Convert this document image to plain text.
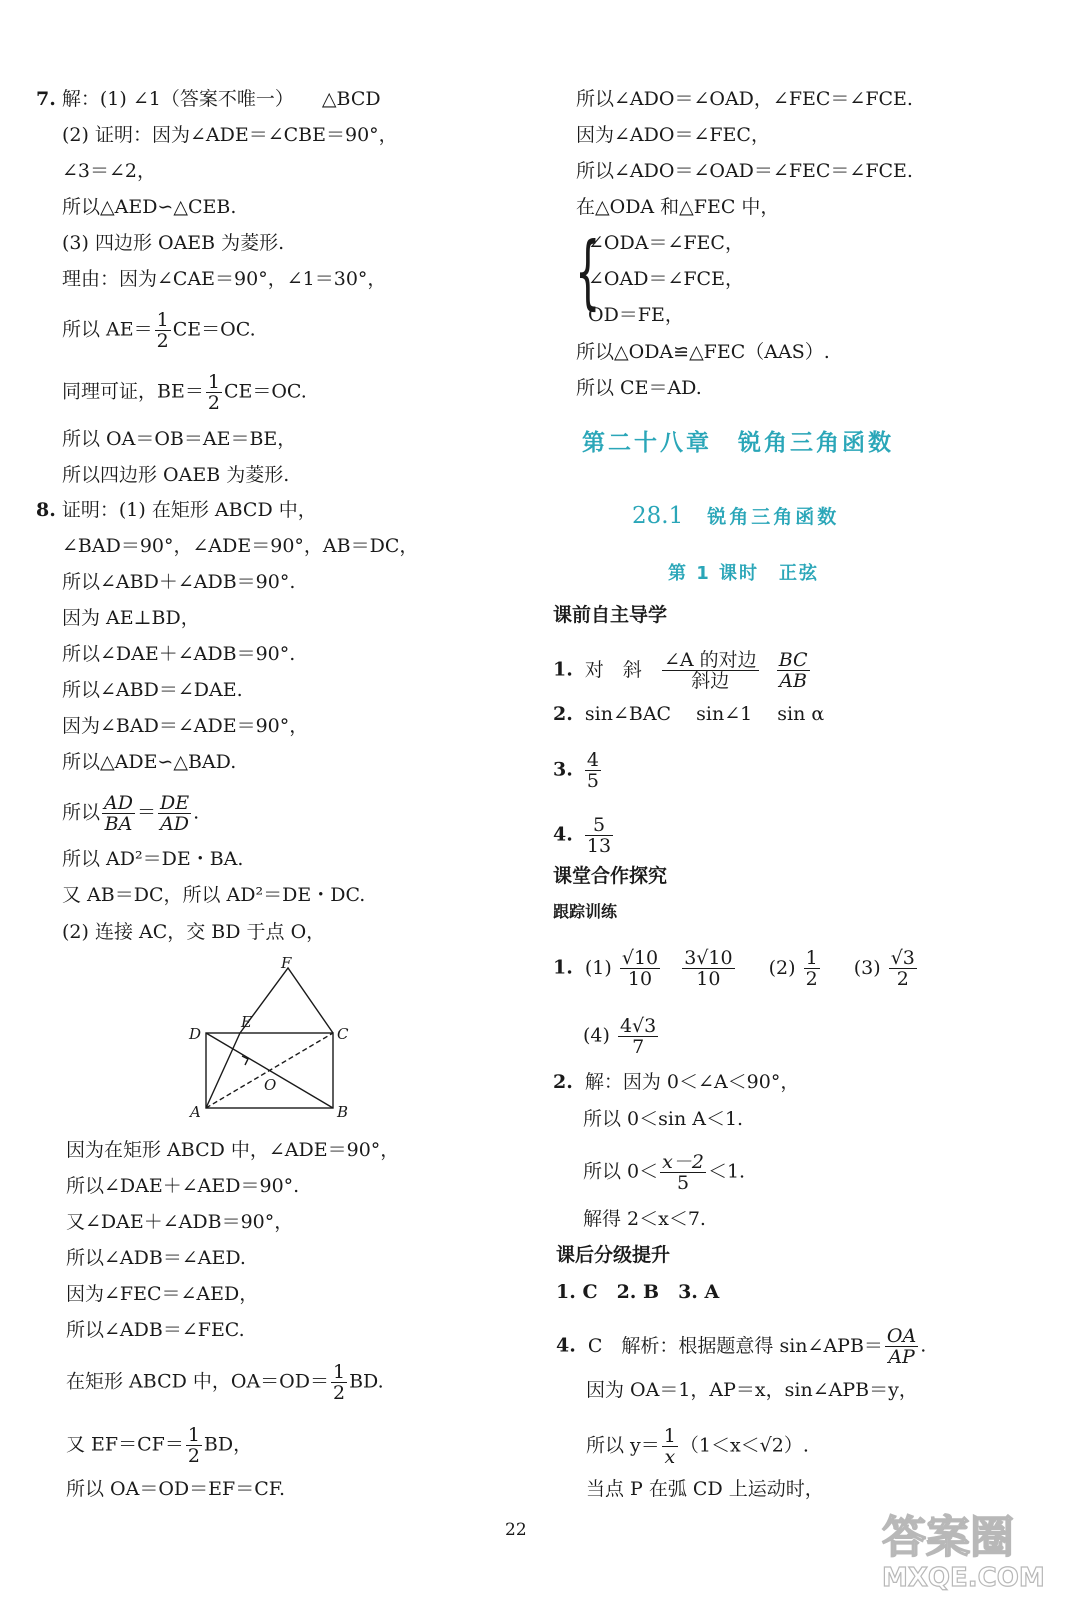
7. 解：(1) ∠1（答案不唯一） △BCD
(2) 证明：因为∠ADE＝∠CBE＝90°，
∠3＝∠2，
所以△AED∽△CEB.
(3) 四边形 OAEB 为菱形.
理由：因为∠CAE＝90°，∠1＝30°，
所以 $AE= \frac{1}{2} CE=OC$.
同理可证，$BE= \frac{1}{2} CE=OC$.
所以 OA＝OB＝AE＝BE，
所以四边形 OAEB 为菱形.
8. 证明：(1) 在矩形 ABCD 中，
∠BAD＝90°，∠ADE＝90°，AB＝DC，
所以∠ABD＋∠ADB＝90°.
因为 AE⊥BD，
所以∠DAE＋∠ADB＝90°.
所以∠ABD＝∠DAE.
因为∠BAD＝∠ADE＝90°，
所以△ADE∽△BAD.
所以 $\frac{AD}{BA} = \frac{DE}{AD}$ .
所以 AD²＝DE・BA.
又 AB＝DC，所以 AD²＝DE・DC.
(2) 连接 AC，交 BD 于点 O，
F
D
E
C
O
A	B
因为在矩形 ABCD 中，∠ADE＝90°，
所以∠DAE＋∠AED＝90°.
又∠DAE＋∠ADB＝90°，
所以∠ADB＝∠AED.
因为∠FEC＝∠AED，
所以∠ADB＝∠FEC.
在矩形 ABCD 中，$OA=OD= \frac{1}{2}$ BD.
又 $EF=CF= \frac{1}{2}$ BD，
所以 OA＝OD＝EF＝CF.
所以∠ADO＝∠OAD，∠FEC＝∠FCE.
因为∠ADO＝∠FEC，
所以∠ADO＝∠OAD＝∠FEC＝∠FCE.
在△ODA 和△FEC 中，
{
∠ODA＝∠FEC，
∠OAD＝∠FCE，
OD＝FE，
所以△ODA≌△FEC（AAS）.
所以 CE＝AD.
第二十八章　锐角三角函数
28.1 锐角三角函数
第 1 课时　正弦
课前自主导学
1. 对　斜 $\frac{\text{∠A 的对边}}{\text{斜边}}$
$\frac{BC}{AB}$
2. sin∠BAC　 sin∠1　 sin α
3. $\frac{4}{5}$
4. $\frac{5}{13}$
课堂合作探究
跟踪训练
1. $(1) \frac{√10}{10}$
$\frac{3√10}{10} (2) \frac{1}{2} (3) \frac{√3}{2}$
$(4) \frac{4√3}{7}$
2. 解：因为 0＜∠A＜90°，
所以 0＜sin A＜1.
所以 $0< \frac{x-2}{5} <1$.
解得 2＜x＜7.
课后分级提升
1. C　2. B　3. A
4. C　解析：根据题意得 sin∠APB＝ $\frac{OA}{AP}$ .
因为 OA＝1，AP＝x，sin∠APB＝y，
所以 $y= \frac{1}{x} (1<x<√2)$.
当点 P 在弧 CD 上运动时，
22	答案圈
MXQE.COM
